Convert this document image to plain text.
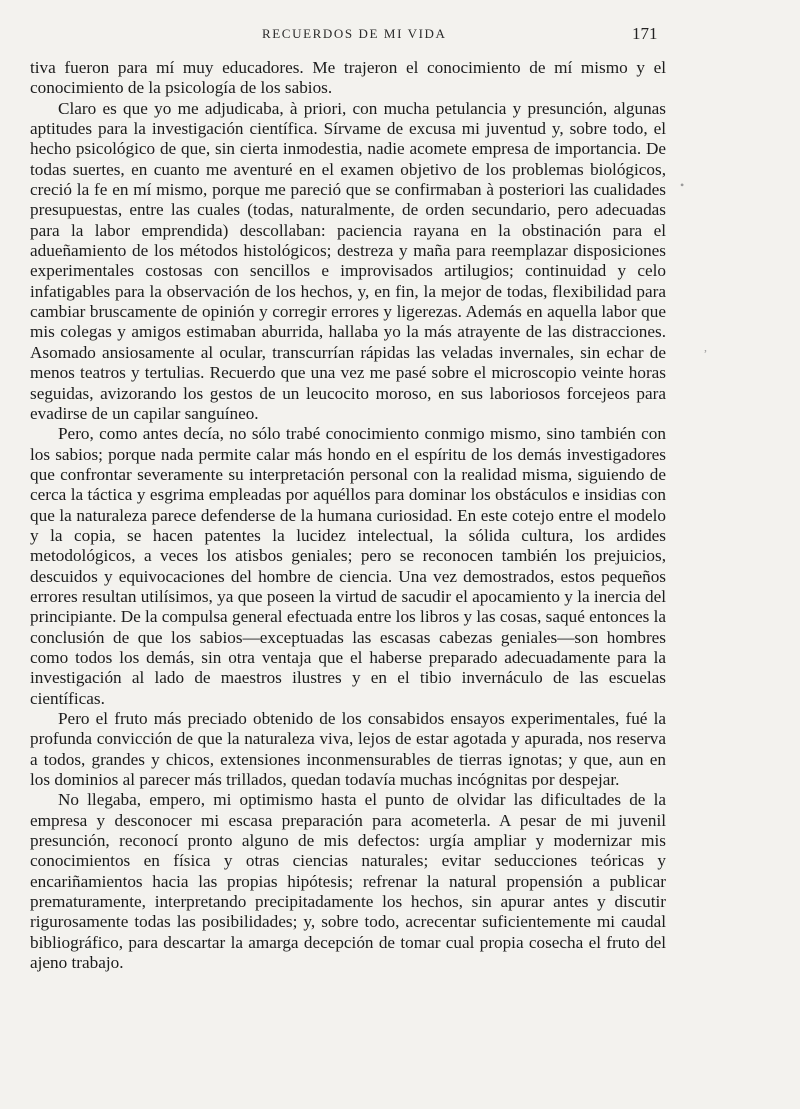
RECUERDOS DE MI VIDA	171

tiva fueron para mí muy educadores. Me trajeron el conocimiento de mí mismo y el conocimiento de la psicología de los sabios.

Claro es que yo me adjudicaba, à priori, con mucha petulancia y presunción, algunas aptitudes para la investigación científica. Sírvame de excusa mi juventud y, sobre todo, el hecho psicológico de que, sin cierta inmodestia, nadie acomete empresa de importancia. De todas suertes, en cuanto me aventuré en el examen objetivo de los problemas biológicos, creció la fe en mí mismo, porque me pareció que se confirmaban à posteriori las cualidades presupuestas, entre las cuales (todas, naturalmente, de orden secundario, pero adecuadas para la labor emprendida) descollaban: paciencia rayana en la obstinación para el adueñamiento de los métodos histológicos; destreza y maña para reemplazar disposiciones experimentales costosas con sencillos e improvisados artilugios; continuidad y celo infatigables para la observación de los hechos, y, en fin, la mejor de todas, flexibilidad para cambiar bruscamente de opinión y corregir errores y ligerezas. Además en aquella labor que mis colegas y amigos estimaban aburrida, hallaba yo la más atrayente de las distracciones. Asomado ansiosamente al ocular, transcurrían rápidas las veladas invernales, sin echar de menos teatros y tertulias. Recuerdo que una vez me pasé sobre el microscopio veinte horas seguidas, avizorando los gestos de un leucocito moroso, en sus laboriosos forcejeos para evadirse de un capilar sanguíneo.

Pero, como antes decía, no sólo trabé conocimiento conmigo mismo, sino también con los sabios; porque nada permite calar más hondo en el espíritu de los demás investigadores que confrontar severamente su interpretación personal con la realidad misma, siguiendo de cerca la táctica y esgrima empleadas por aquéllos para dominar los obstáculos e insidias con que la naturaleza parece defenderse de la humana curiosidad. En este cotejo entre el modelo y la copia, se hacen patentes la lucidez intelectual, la sólida cultura, los ardides metodológicos, a veces los atisbos geniales; pero se reconocen también los prejuicios, descuidos y equivocaciones del hombre de ciencia. Una vez demostrados, estos pequeños errores resultan utilísimos, ya que poseen la virtud de sacudir el apocamiento y la inercia del principiante. De la compulsa general efectuada entre los libros y las cosas, saqué entonces la conclusión de que los sabios—exceptuadas las escasas cabezas geniales—son hombres como todos los demás, sin otra ventaja que el haberse preparado adecuadamente para la investigación al lado de maestros ilustres y en el tibio invernáculo de las escuelas científicas.

Pero el fruto más preciado obtenido de los consabidos ensayos experimentales, fué la profunda convicción de que la naturaleza viva, lejos de estar agotada y apurada, nos reserva a todos, grandes y chicos, extensiones inconmensurables de tierras ignotas; y que, aun en los dominios al parecer más trillados, quedan todavía muchas incógnitas por despejar.

No llegaba, empero, mi optimismo hasta el punto de olvidar las dificultades de la empresa y desconocer mi escasa preparación para acometerla. A pesar de mi juvenil presunción, reconocí pronto alguno de mis defectos: urgía ampliar y modernizar mis conocimientos en física y otras ciencias naturales; evitar seducciones teóricas y encariñamientos hacia las propias hipótesis; refrenar la natural propensión a publicar prematuramente, interpretando precipitadamente los hechos, sin apurar antes y discutir rigurosamente todas las posibilidades; y, sobre todo, acrecentar suficientemente mi caudal bibliográfico, para descartar la amarga decepción de tomar cual propia cosecha el fruto del ajeno trabajo.

•
,
